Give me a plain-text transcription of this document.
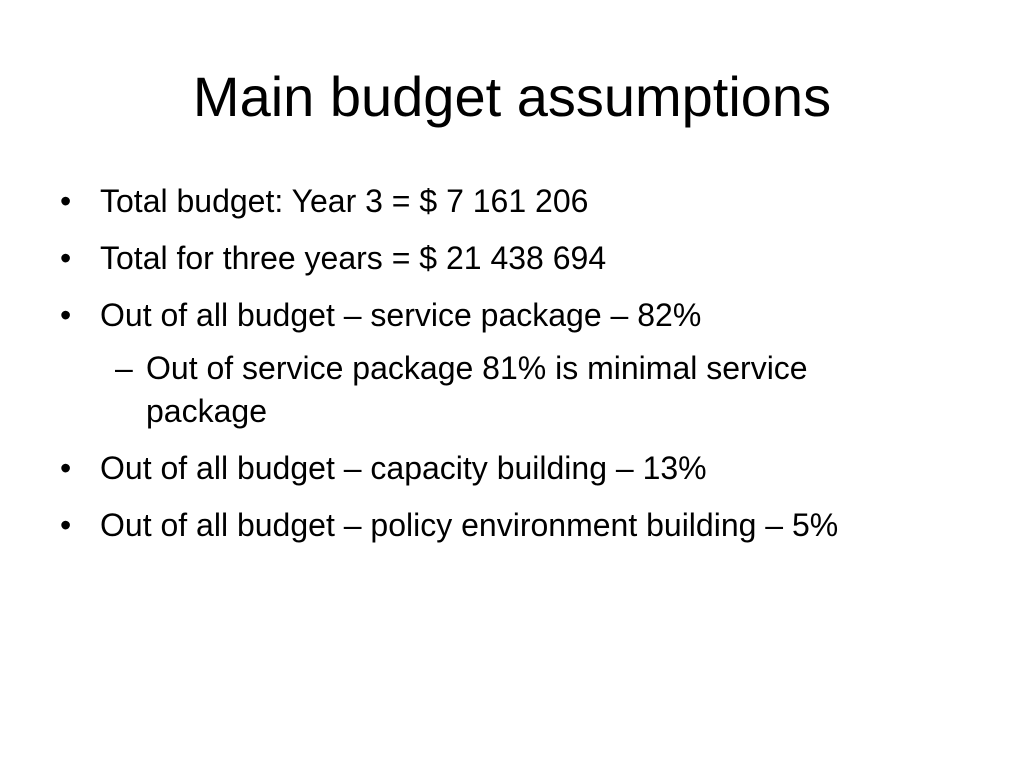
Main budget assumptions
• Total budget: Year 3 = $ 7 161 206
• Total for three years = $ 21 438 694
• Out of all budget – service package – 82%
– Out of service package 81% is minimal service package
• Out of all budget – capacity building – 13%
• Out of all budget – policy environment building – 5%
